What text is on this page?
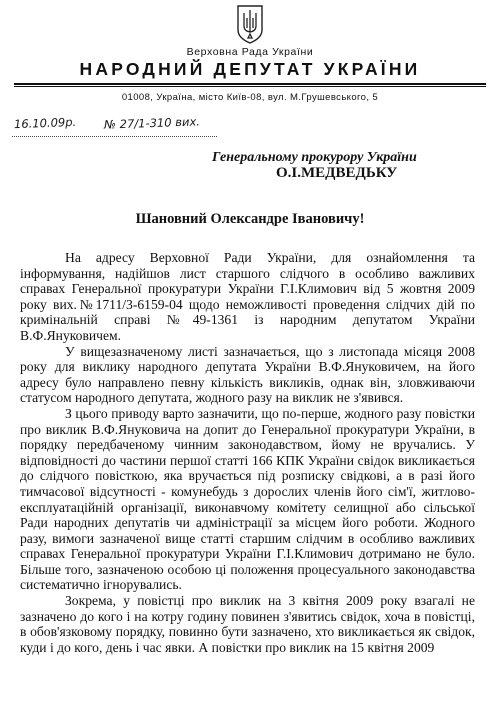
Верховна Рада України
НАРОДНИЙ ДЕПУТАТ УКРАЇНИ
01008, Україна, місто Київ-08, вул. М.Грушевського, 5
16.10.09р. № 27/1-310 вих.
Генеральному прокурору України
О.І.МЕДВЕДЬКУ
Шановний Олександре Івановичу!

На адресу Верховної Ради України, для ознайомлення та інформування, надійшов лист старшого слідчого в особливо важливих справах Генеральної прокуратури України Г.І.Климович від 5 жовтня 2009 року вих.№1711/3-6159-04 щодо неможливості проведення слідчих дій по кримінальній справі №49-1361 із народним депутатом України В.Ф.Януковичем.

У вищезазначеному листі зазначається, що з листопада місяця 2008 року для виклику народного депутата України В.Ф.Януковичем, на його адресу було направлено певну кількість викликів, однак він, зловживаючи статусом народного депутата, жодного разу на виклик не з'явився.

З цього приводу варто зазначити, що по-перше, жодного разу повістки про виклик В.Ф.Януковича на допит до Генеральної прокуратури України, в порядку передбаченому чинним законодавством, йому не вручались. У відповідності до частини першої статті 166 КПК України свідок викликається до слідчого повісткою, яка вручається під розписку свідкові, а в разі його тимчасової відсутності - комунебудь з дорослих членів його сім'ї, житлово-експлуатаційній організації, виконавчому комітету селищної або сільської Ради народних депутатів чи адміністрації за місцем його роботи. Жодного разу, вимоги зазначеної вище статті старшим слідчим в особливо важливих справах Генеральної прокуратури України Г.І.Климович дотримано не було. Більше того, зазначеною особою ці положення процесуального законодавства систематично ігнорувались.

Зокрема, у повістці про виклик на 3 квітня 2009 року взагалі не зазначено до кого і на котру годину повинен з'явитись свідок, хоча в повістці, в обов'язковому порядку, повинно бути зазначено, хто викликається як свідок, куди і до кого, день і час явки. А повістки про виклик на 15 квітня 2009
